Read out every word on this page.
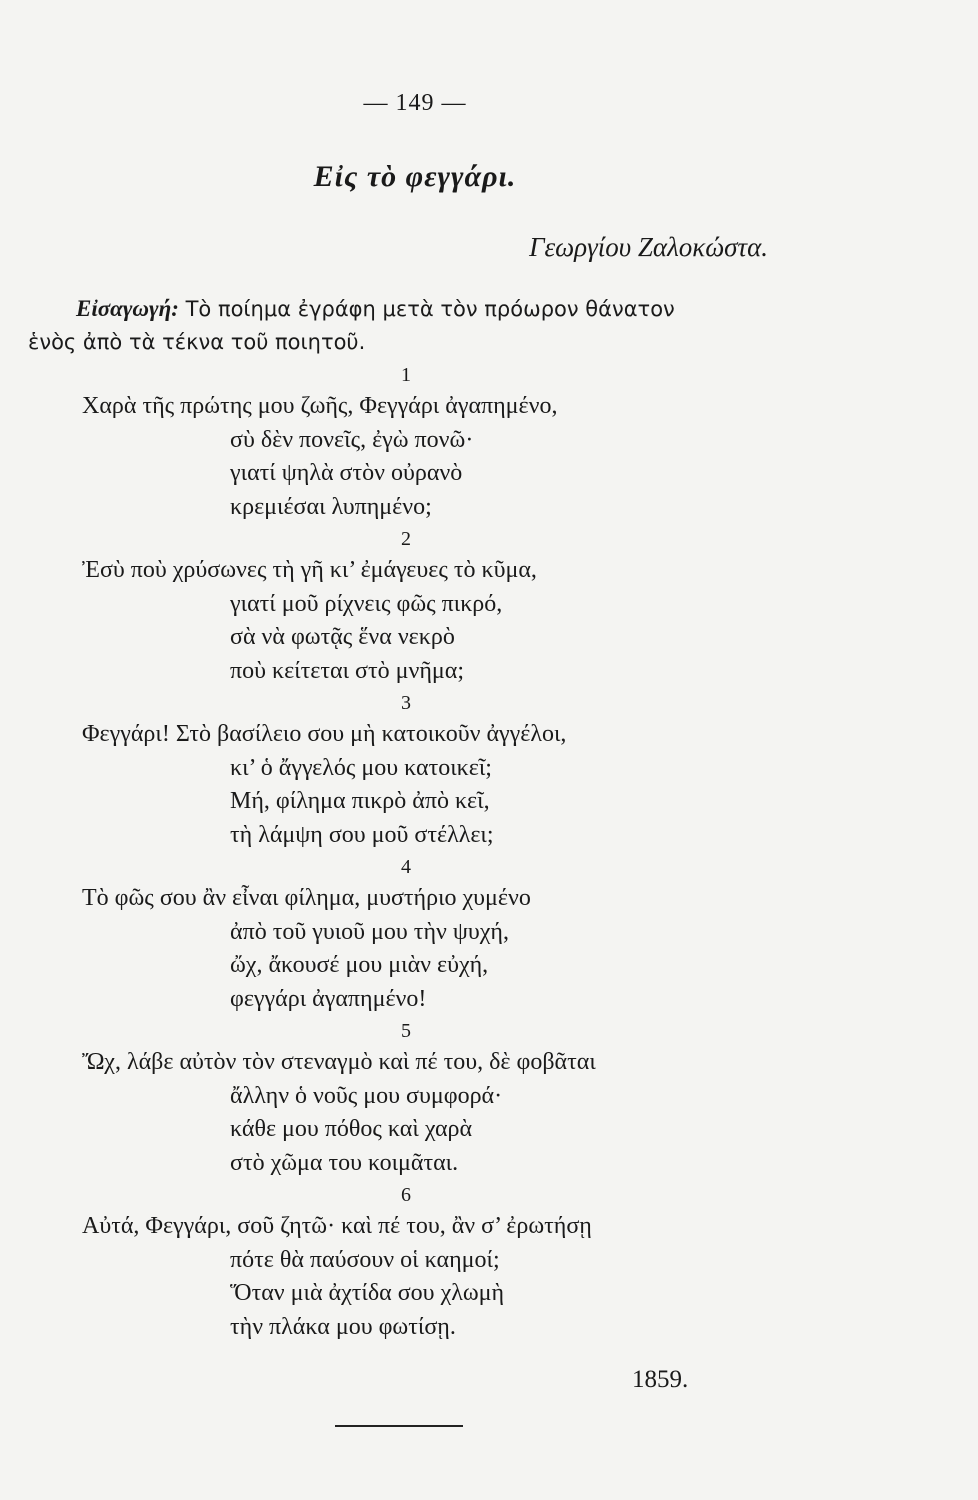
— 149 —
Εἰς τὸ φεγγάρι.
Γεωργίου Ζαλοκώστα.
Εἰσαγωγή: Τὸ ποίημα ἐγράφη μετὰ τὸν πρόωρον θάνατον
ἑνὸς ἀπὸ τὰ τέκνα τοῦ ποιητοῦ.
1
Χαρὰ τῆς πρώτης μου ζωῆς, Φεγγάρι ἀγαπημένο,
σὺ δὲν πονεῖς, ἐγὼ πονῶ·
γιατί ψηλὰ στὸν οὐρανὸ
κρεμιέσαι λυπημένο;
2
Ἐσὺ ποὺ χρύσωνες τὴ γῆ κι’ ἐμάγευες τὸ κῦμα,
γιατί μοῦ ρίχνεις φῶς πικρό,
σὰ νὰ φωτᾷς ἕνα νεκρὸ
ποὺ κείτεται στὸ μνῆμα;
3
Φεγγάρι! Στὸ βασίλειο σου μὴ κατοικοῦν ἀγγέλοι,
κι’ ὁ ἄγγελός μου κατοικεῖ;
Μή, φίλημα πικρὸ ἀπὸ κεῖ,
τὴ λάμψη σου μοῦ στέλλει;
4
Τὸ φῶς σου ἂν εἶναι φίλημα, μυστήριο χυμένο
ἀπὸ τοῦ γυιοῦ μου τὴν ψυχή,
ὤχ, ἄκουσέ μου μιὰν εὐχή,
φεγγάρι ἀγαπημένο!
5
Ὤχ, λάβε αὐτὸν τὸν στεναγμὸ καὶ πέ του, δὲ φοβᾶται
ἄλλην ὁ νοῦς μου συμφορά·
κάθε μου πόθος καὶ χαρὰ
στὸ χῶμα του κοιμᾶται.
6
Αὐτά, Φεγγάρι, σοῦ ζητῶ· καὶ πέ του, ἂν σ’ ἐρωτήσῃ
πότε θὰ παύσουν οἱ καημοί;
Ὅταν μιὰ ἀχτίδα σου χλωμὴ
τὴν πλάκα μου φωτίσῃ.
1859.
